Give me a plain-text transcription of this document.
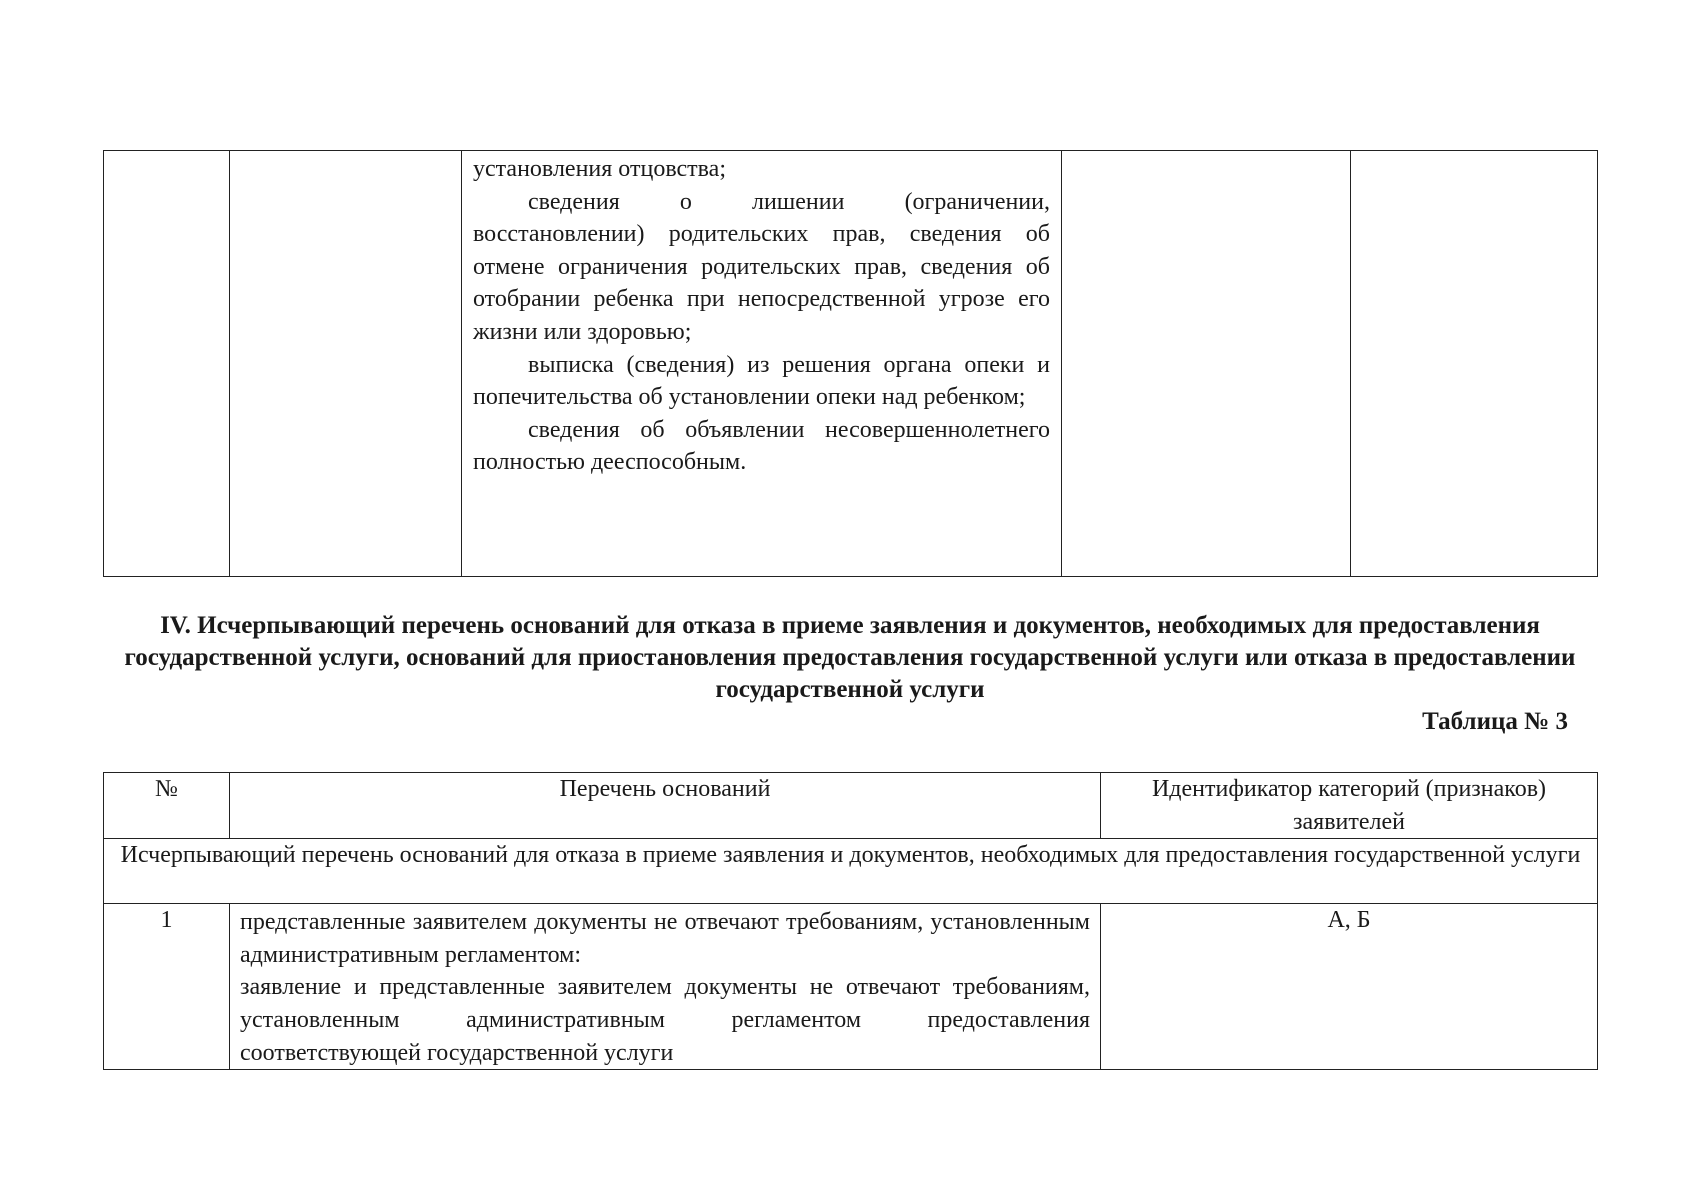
установления отцовства;

сведения о лишении (ограничении, восстановлении) родительских прав, сведения об отмене ограничения родительских прав, сведения об отобрании ребенка при непосредственной угрозе его жизни или здоровью;

выписка (сведения) из решения органа опеки и попечительства об установлении опеки над ребенком;

сведения об объявлении несовершеннолетнего полностью дееспособным.

IV. Исчерпывающий перечень оснований для отказа в приеме заявления и документов, необходимых для предоставления государственной услуги, оснований для приостановления предоставления государственной услуги или отказа в предоставлении государственной услуги
Таблица № 3
№	Перечень оснований	Идентификатор категорий (признаков) заявителей
Исчерпывающий перечень оснований для отказа в приеме заявления и документов, необходимых для предоставления государственной услуги		
1	представленные заявителем документы не отвечают требованиям, установленным административным регламентом:

заявление и представленные заявителем документы не отвечают требованиям, установленным административным регламентом предоставления соответствующей государственной услуги	А, Б
